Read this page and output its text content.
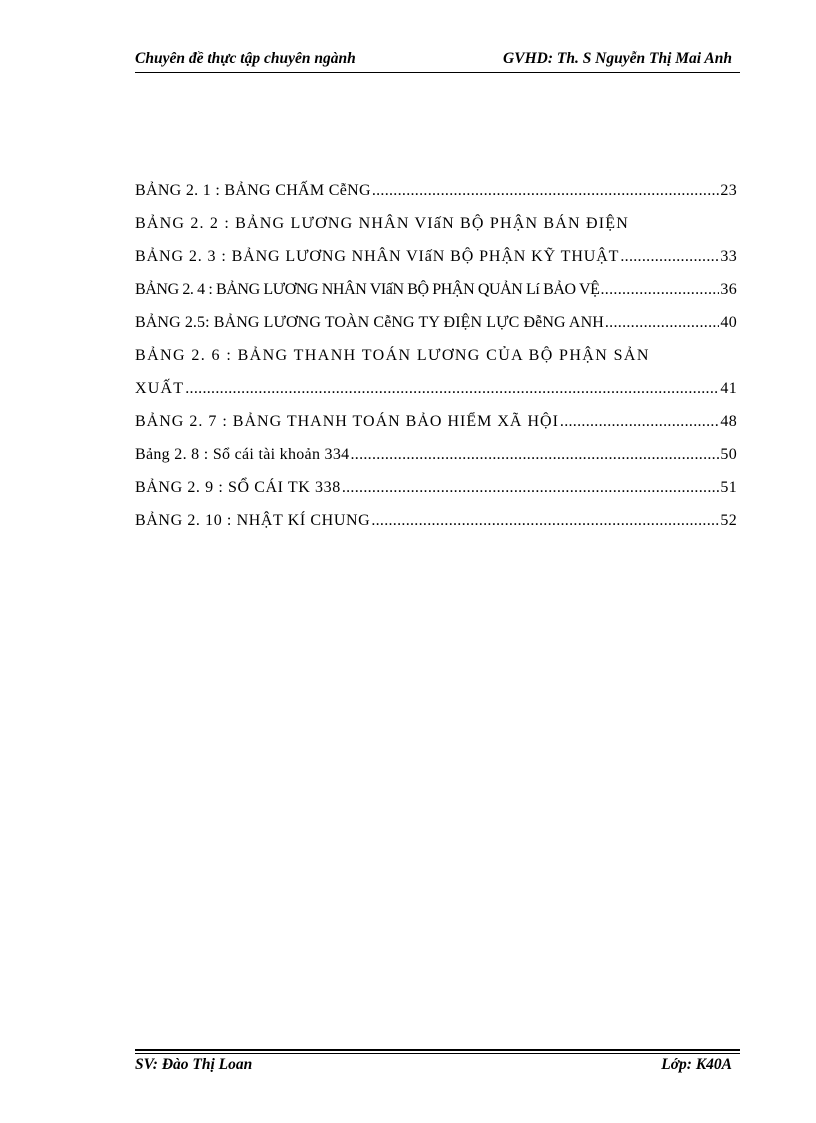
Chuyên đề thực tập chuyên ngành	GVHD: Th. S Nguyễn Thị Mai Anh
BẢNG 2. 1 : BẢNG CHẤM CễNG .....	23
BẢNG 2. 2 : BẢNG LƯƠNG NHÂN VIấN BỘ PHẬN BÁN ĐIỆN
BẢNG 2. 3 : BẢNG LƯƠNG NHÂN VIấN BỘ PHẬN KỸ THUẬT .....	33
BẢNG 2. 4 : BẢNG LƯƠNG NHÂN VIấN BỘ PHẬN QUẢN Lí BẢO VỆ .....	36
BẢNG 2.5: BẢNG LƯƠNG TOÀN CễNG TY ĐIỆN LỰC ĐễNG ANH .....	40
BẢNG 2. 6 : BẢNG THANH TOÁN LƯƠNG CỦA BỘ PHẬN SẢN
XUẤT .....	41
BẢNG 2. 7 : BẢNG THANH TOÁN BẢO HIỂM XÃ HỘI .....	48
Bảng 2. 8 : Sổ cái tài khoản 334 .....	50
BẢNG 2. 9 : SỔ CÁI TK 338 .....	51
BẢNG 2. 10 : NHẬT KÍ CHUNG .....	52
SV: Đào Thị Loan	Lớp: K40A
